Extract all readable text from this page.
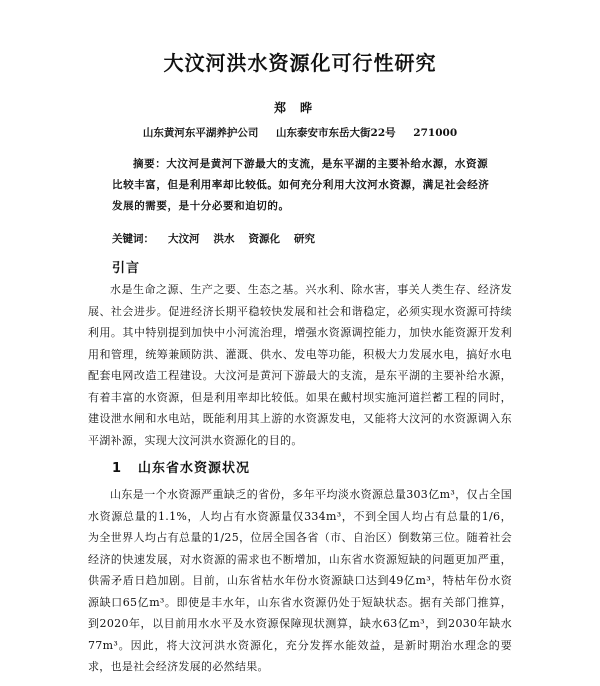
大汶河洪水资源化可行性研究
郑晔
山东黄河东平湖养护公司 山东泰安市东岳大街22号 271000
摘要：大汶河是黄河下游最大的支流，是东平湖的主要补给水源，水资源比较丰富，但是利用率却比较低。如何充分利用大汶河水资源，满足社会经济发展的需要，是十分必要和迫切的。
关键词： 大汶河 洪水 资源化 研究
引言
水是生命之源、生产之要、生态之基。兴水利、除水害，事关人类生存、经济发展、社会进步。促进经济长期平稳较快发展和社会和谐稳定，必须实现水资源可持续利用。其中特别提到加快中小河流治理，增强水资源调控能力，加快水能资源开发利用和管理，统筹兼顾防洪、灌溉、供水、发电等功能，积极大力发展水电，搞好水电配套电网改造工程建设。大汶河是黄河下游最大的支流，是东平湖的主要补给水源，有着丰富的水资源，但是利用率却比较低。如果在戴村坝实施河道拦蓄工程的同时，建设泄水闸和水电站，既能利用其上游的水资源发电，又能将大汶河的水资源调入东平湖补源，实现大汶河洪水资源化的目的。
1 山东省水资源状况
山东是一个水资源严重缺乏的省份，多年平均淡水资源总量303亿m³，仅占全国水资源总量的1.1%，人均占有水资源量仅334m³，不到全国人均占有总量的1/6，为全世界人均占有总量的1/25，位居全国各省（市、自治区）倒数第三位。随着社会经济的快速发展，对水资源的需求也不断增加，山东省水资源短缺的问题更加严重，供需矛盾日趋加剧。目前，山东省枯水年份水资源缺口达到49亿m³，特枯年份水资源缺口65亿m³。即使是丰水年，山东省水资源仍处于短缺状态。据有关部门推算，到2020年，以目前用水水平及水资源保障现状测算，缺水63亿m³，到2030年缺水77m³。因此，将大汶河洪水资源化，充分发挥水能效益，是新时期治水理念的要求，也是社会经济发展的必然结果。
